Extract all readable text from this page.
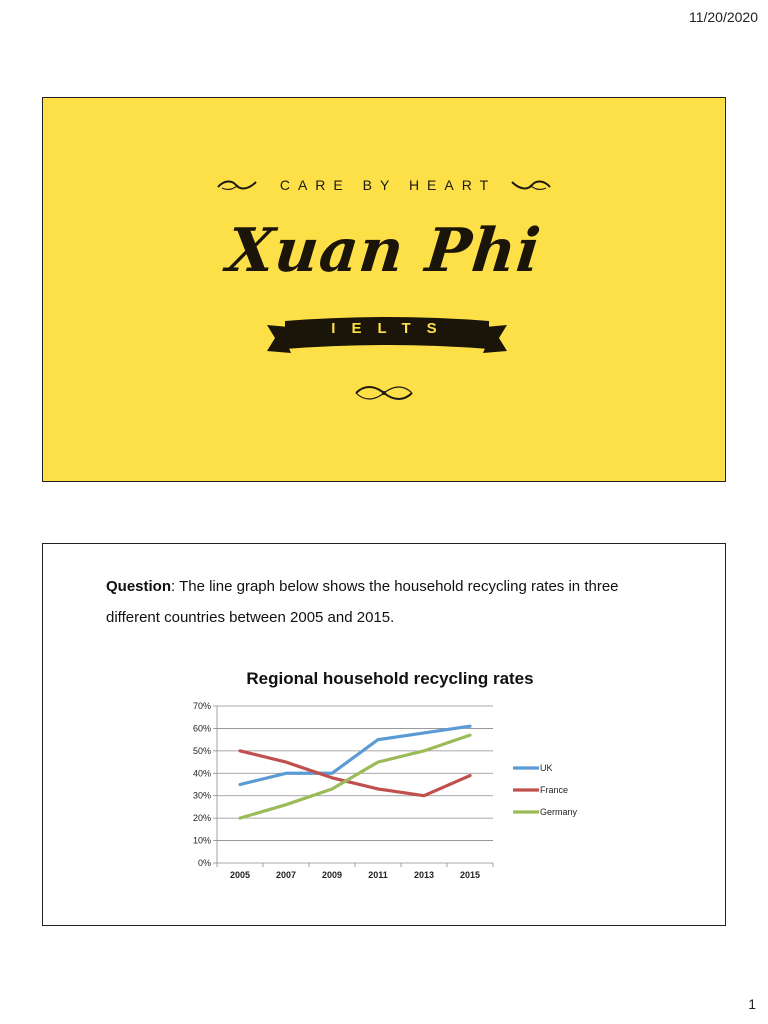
11/20/2020
CARE BY HEART
Xuan Phi
IELTS

Question: The line graph below shows the household recycling rates in three different countries between 2005 and 2015.

Regional household recycling rates
0%
10%
20%
30%
40%
50%
60%
70%
2005	2007	2009	2011	2013	2015
UK
France
Germany
1
